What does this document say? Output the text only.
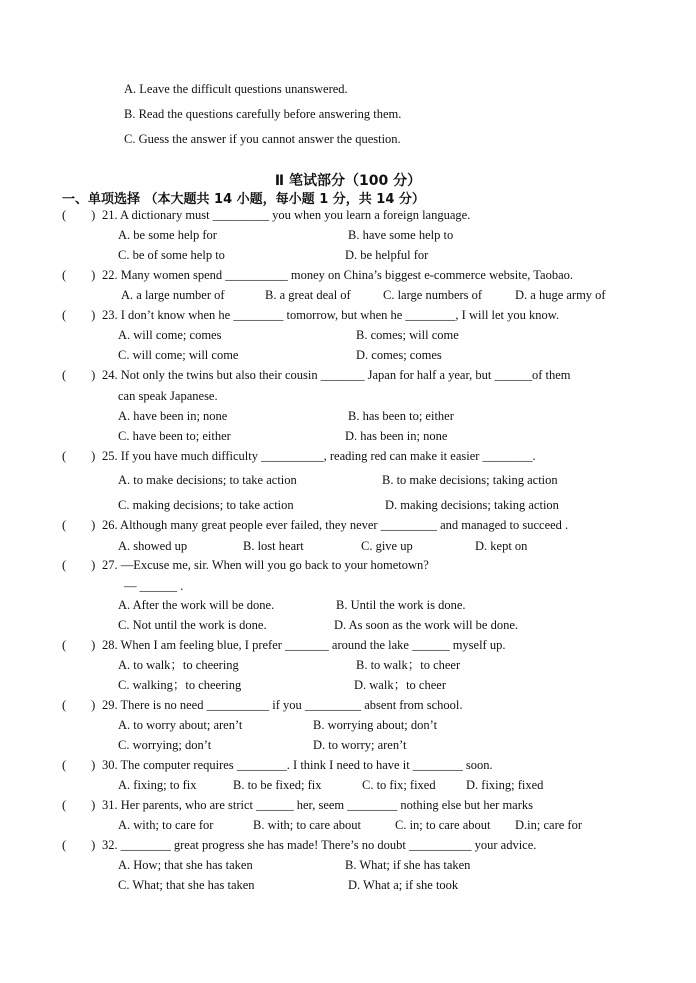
A. Leave the difficult questions unanswered.
B. Read the questions carefully before answering them.
C. Guess the answer if you cannot answer the question.
Ⅱ 笔试部分（100 分）
一、单项选择 （本大题共 14 小题，每小题 1 分，共 14 分）
(        ) 21. A dictionary must _________ you when you learn a foreign language.
A. be some help for	B. have some help to
C. be of some help to	D. be helpful for
(        ) 22. Many women spend __________ money on China’s biggest e-commerce website, Taobao.
A. a large number of	B. a great deal of	C. large numbers of	D. a huge army of
(        ) 23. I don’t know when he ________ tomorrow, but when he ________, I will let you know.
A. will come; comes	B. comes; will come
C. will come; will come	D. comes; comes
(        ) 24. Not only the twins but also their cousin _______ Japan for half a year, but ______of them
can speak Japanese.
A. have been in; none	B. has been to; either
C. have been to; either	D. has been in; none
(        ) 25. If you have much difficulty __________, reading red can make it easier ________.
A. to make decisions; to take action	B. to make decisions; taking action
C. making decisions; to take action	D. making decisions; taking action
(        ) 26. Although many great people ever failed, they never _________ and managed to succeed .
A. showed up	B. lost heart	C. give up	D. kept on
(        ) 27. —Excuse me, sir. When will you go back to your hometown?
— ______ .
A. After the work will be done.	B. Until the work is done.
C. Not until the work is done.	D. As soon as the work will be done.
(        ) 28. When I am feeling blue, I prefer _______ around the lake ______ myself up.
A. to walk；to cheering	B. to walk；to cheer
C. walking；to cheering	D. walk；to cheer
(        ) 29. There is no need __________ if you _________ absent from school.
A. to worry about; aren’t	B. worrying about; don’t
C. worrying; don’t	D. to worry; aren’t
(        ) 30. The computer requires ________. I think I need to have it ________ soon.
A. fixing; to fix	B. to be fixed; fix	C. to fix; fixed D. fixing; fixed
(        ) 31. Her parents, who are strict ______ her, seem ________ nothing else but her marks
A. with; to care for	B. with; to care about	C. in; to care about D.in; care for
(        ) 32. ________ great progress she has made! There’s no doubt __________ your advice.
A. How; that she has taken	B. What; if she has taken
C. What; that she has taken	D. What a; if she took
